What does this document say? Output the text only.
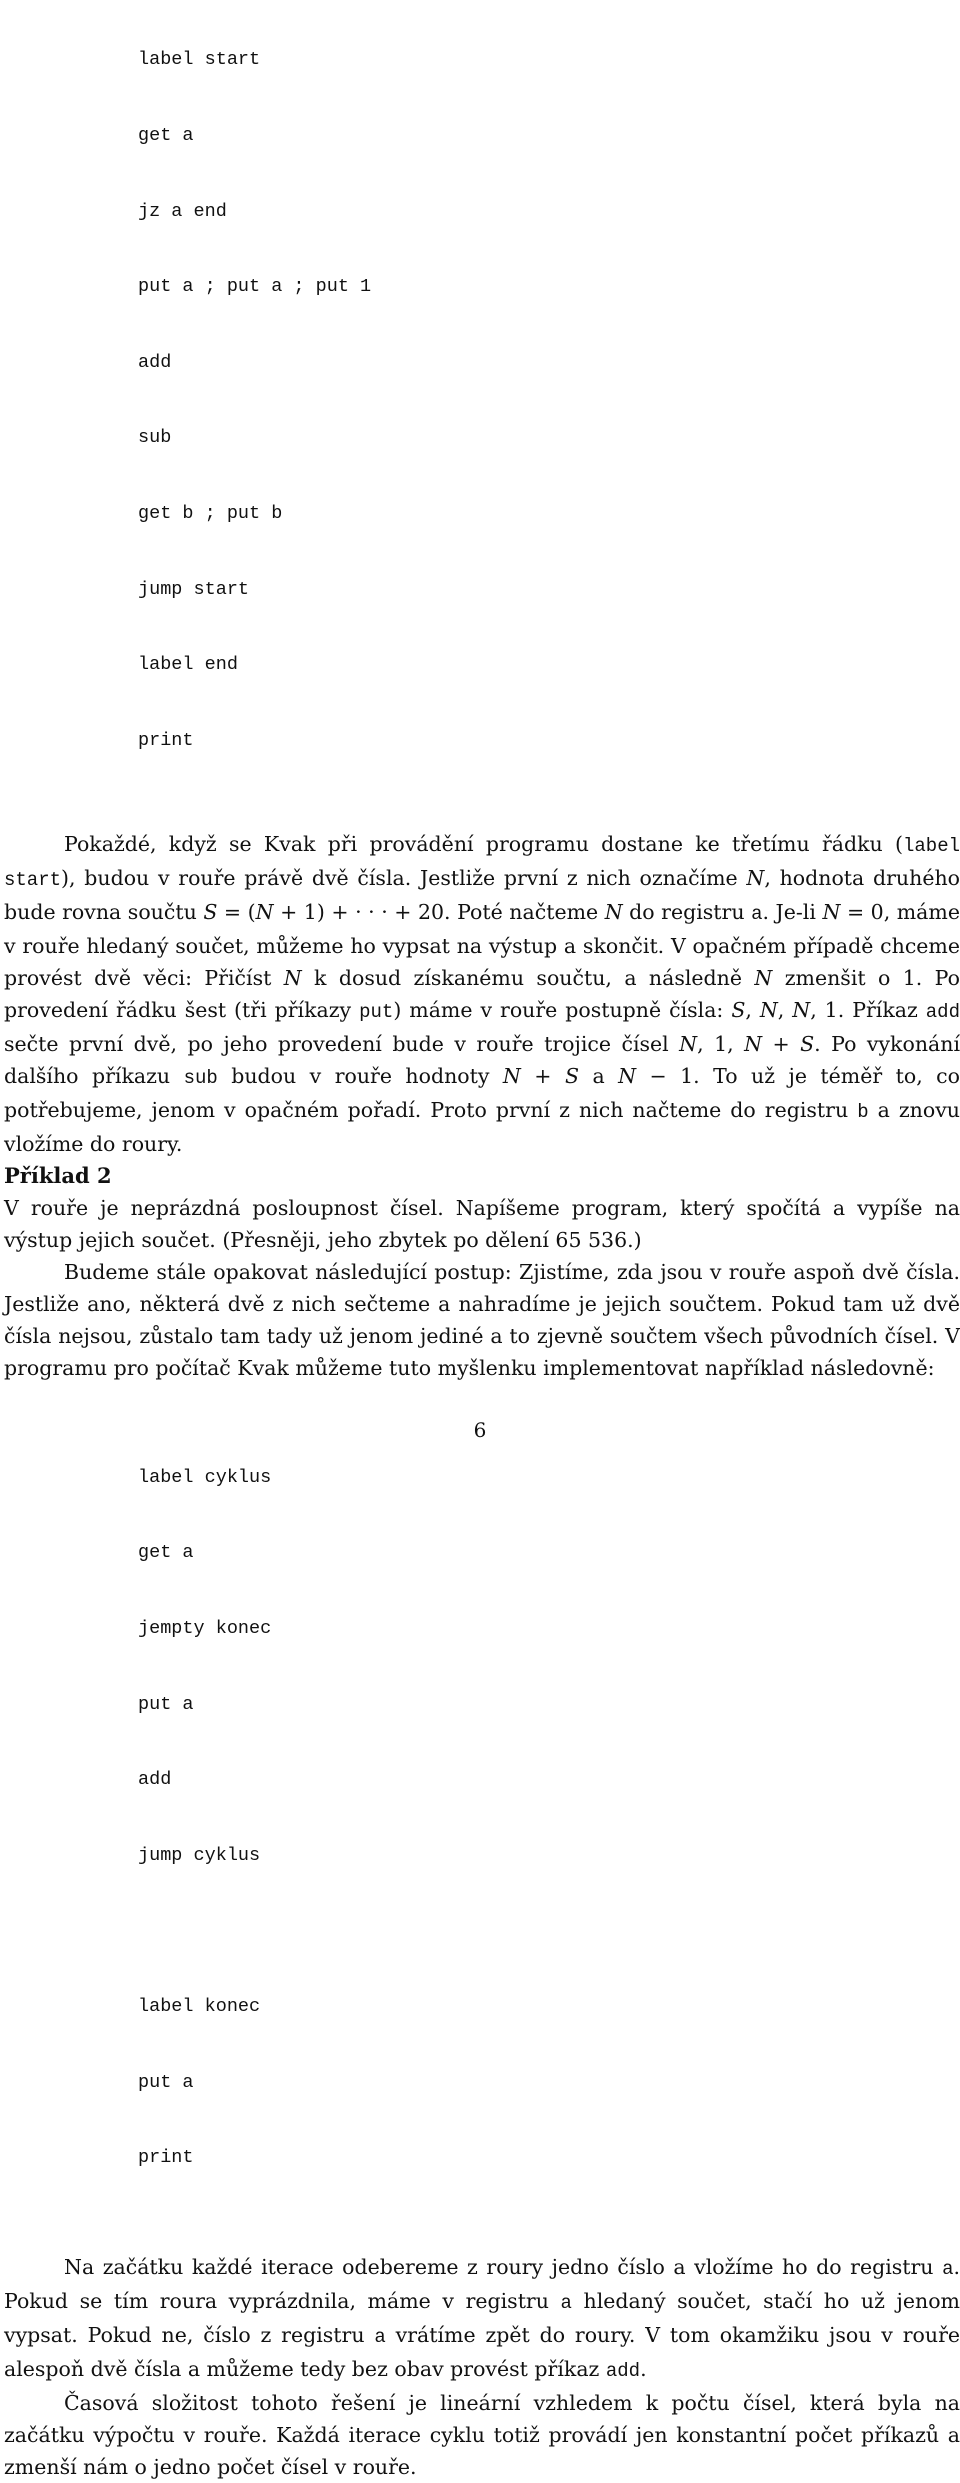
label start

get a

jz a end

put a ; put a ; put 1

add

sub

get b ; put b

jump start

label end

print

Pokaždé, když se Kvak při provádění programu dostane ke třetímu řádku (label start), budou v rouře právě dvě čísla. Jestliže první z nich označíme N, hodnota druhého bude rovna součtu S = (N + 1) + · · · + 20. Poté načteme N do registru a. Je-li N = 0, máme v rouře hledaný součet, můžeme ho vypsat na výstup a skončit. V opačném případě chceme provést dvě věci: Přičíst N k dosud získanému součtu, a následně N zmenšit o 1. Po provedení řádku šest (tři příkazy put) máme v rouře postupně čísla: S, N, N, 1. Příkaz add sečte první dvě, po jeho provedení bude v rouře trojice čísel N, 1, N + S. Po vykonání dalšího příkazu sub budou v rouře hodnoty N + S a N − 1. To už je téměř to, co potřebujeme, jenom v opačném pořadí. Proto první z nich načteme do registru b a znovu vložíme do roury.

Příklad 2

V rouře je neprázdná posloupnost čísel. Napíšeme program, který spočítá a vypíše na výstup jejich součet. (Přesněji, jeho zbytek po dělení 65 536.)

Budeme stále opakovat následující postup: Zjistíme, zda jsou v rouře aspoň dvě čísla. Jestliže ano, některá dvě z nich sečteme a nahradíme je jejich součtem. Pokud tam už dvě čísla nejsou, zůstalo tam tady už jenom jediné a to zjevně součtem všech původních čísel. V programu pro počítač Kvak můžeme tuto myšlenku implementovat například následovně:

label cyklus

get a

jempty konec

put a

add

jump cyklus

label konec

put a

print

Na začátku každé iterace odebereme z roury jedno číslo a vložíme ho do registru a. Pokud se tím roura vyprázdnila, máme v registru a hledaný součet, stačí ho už jenom vypsat. Pokud ne, číslo z registru a vrátíme zpět do roury. V tom okamžiku jsou v rouře alespoň dvě čísla a můžeme tedy bez obav provést příkaz add.

Časová složitost tohoto řešení je lineární vzhledem k počtu čísel, která byla na začátku výpočtu v rouře. Každá iterace cyklu totiž provádí jen konstantní počet příkazů a zmenší nám o jedno počet čísel v rouře.

6
